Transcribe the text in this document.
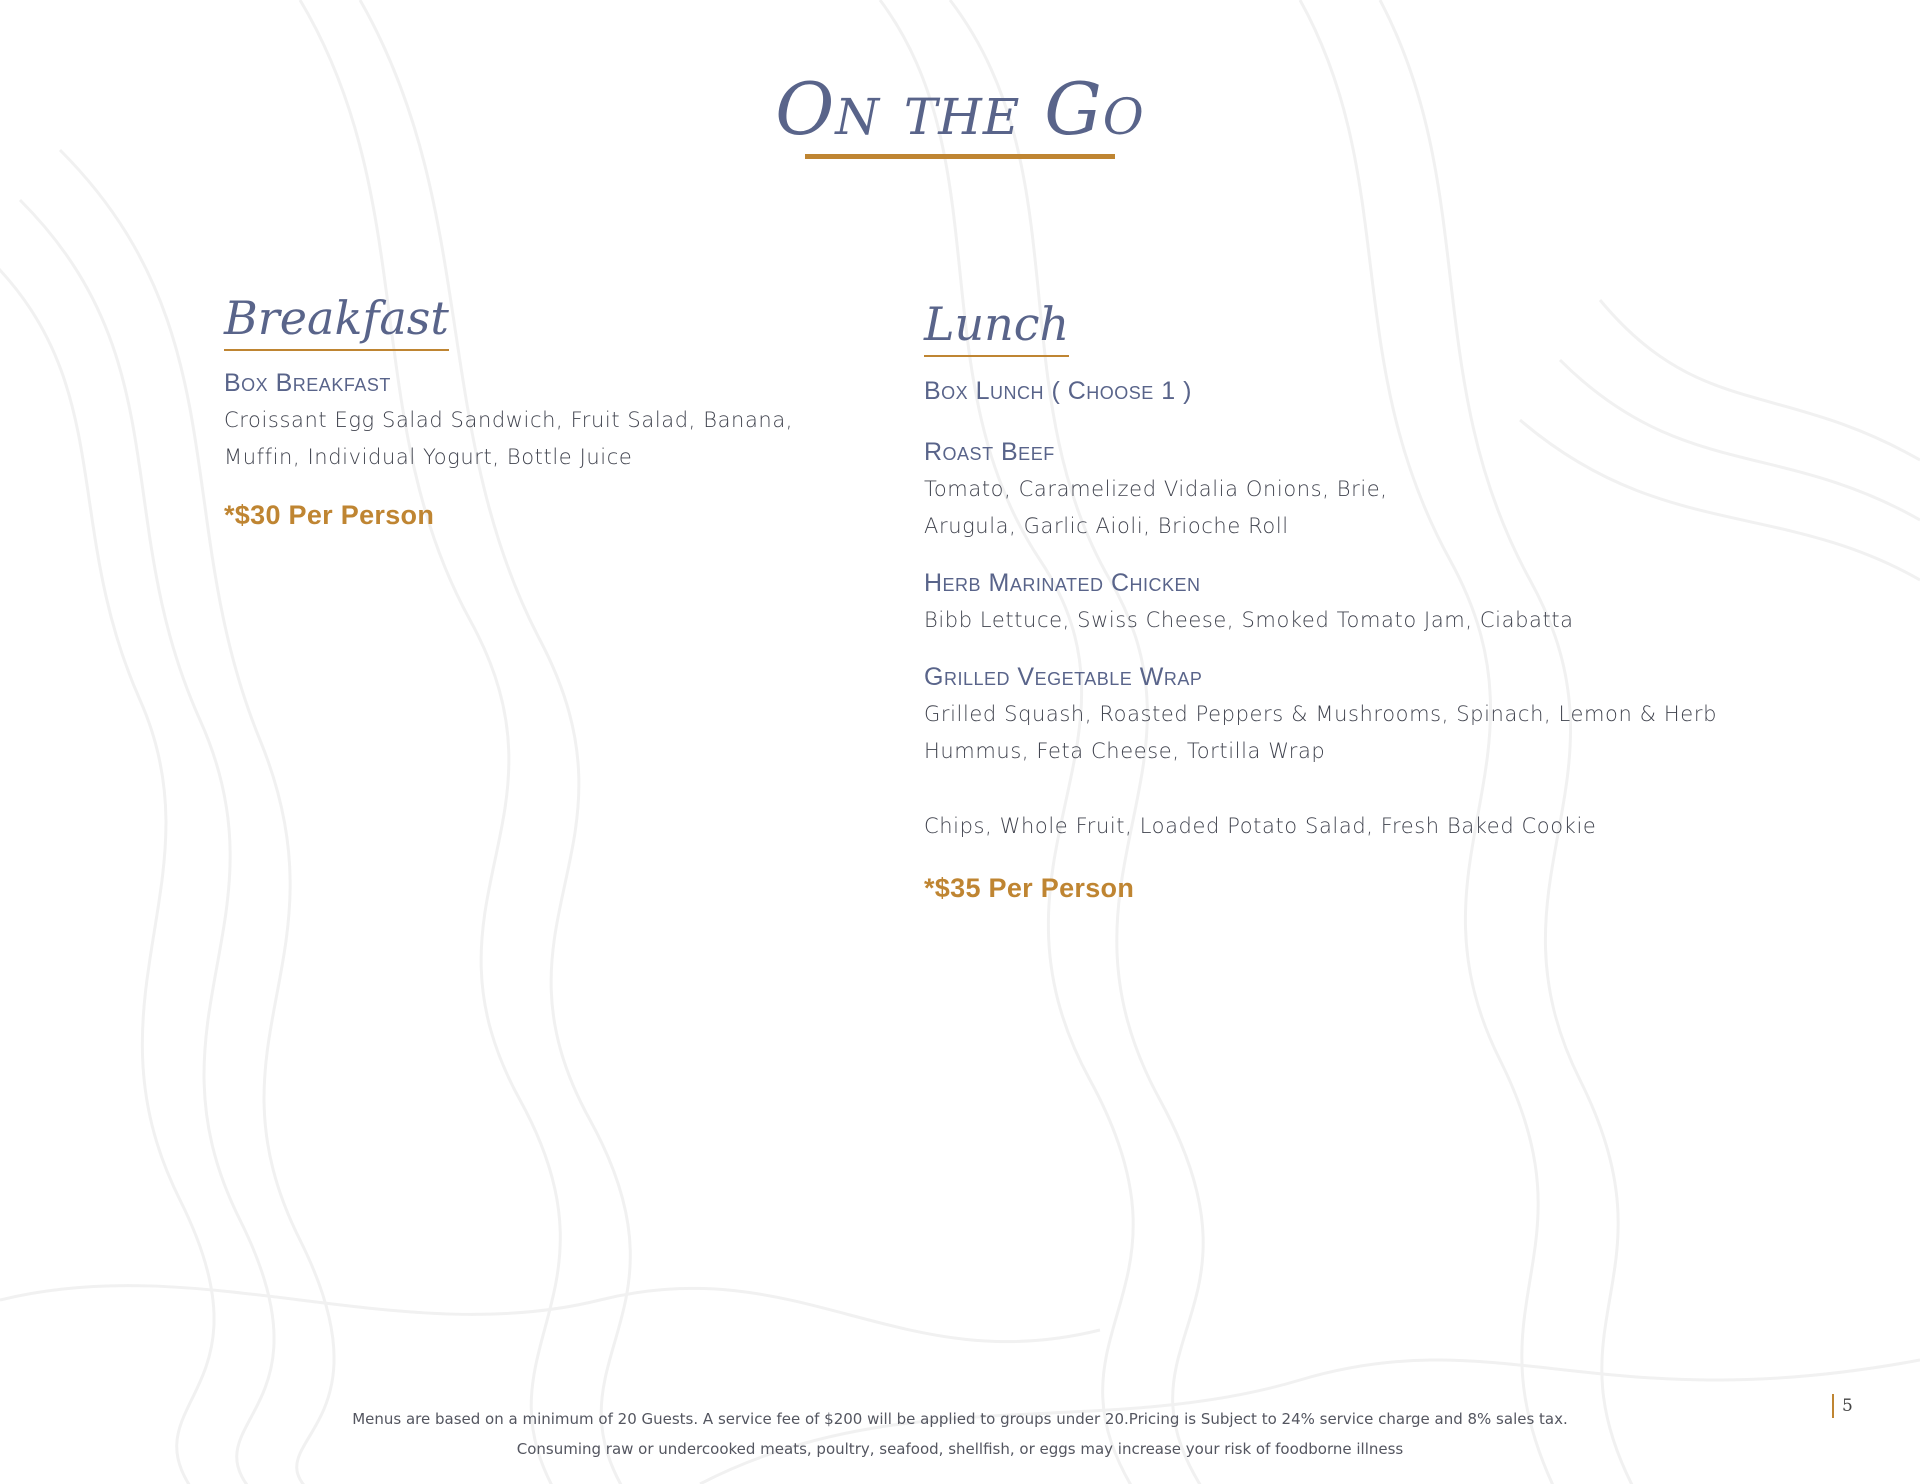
On the Go
Breakfast

Box Breakfast

Croissant Egg Salad Sandwich, Fruit Salad, Banana,

Muffin, Individual Yogurt, Bottle Juice

*$30 Per Person
Lunch

Box Lunch ( Choose 1 )

Roast Beef

Tomato, Caramelized Vidalia Onions, Brie,

Arugula, Garlic Aioli, Brioche Roll

Herb Marinated Chicken

Bibb Lettuce, Swiss Cheese, Smoked Tomato Jam, Ciabatta

Grilled Vegetable Wrap

Grilled Squash, Roasted Peppers & Mushrooms, Spinach, Lemon & Herb

Hummus, Feta Cheese, Tortilla Wrap

Chips, Whole Fruit, Loaded Potato Salad, Fresh Baked Cookie

*$35 Per Person
Menus are based on a minimum of 20 Guests. A service fee of $200 will be applied to groups under 20.Pricing is Subject to 24% service charge and 8% sales tax.
Consuming raw or undercooked meats, poultry, seafood, shellfish, or eggs may increase your risk of foodborne illness
5
